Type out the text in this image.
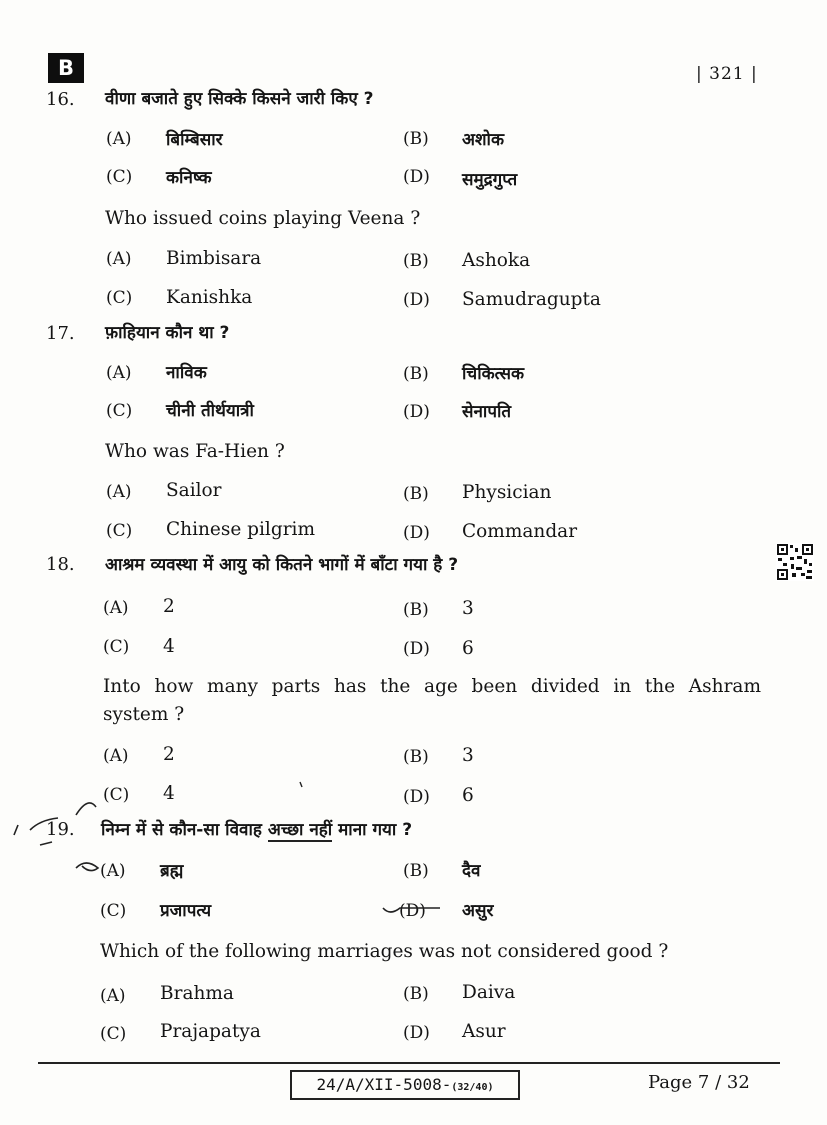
B	| 321 |
16. वीणा बजाते हुए सिक्के किसने जारी किए ?
(A) बिम्बिसार	(B) अशोक
(C) कनिष्क	(D) समुद्रगुप्त
Who issued coins playing Veena ?
(A) Bimbisara	(B) Ashoka
(C) Kanishka	(D) Samudragupta
17. फ़ाहियान कौन था ?
(A) नाविक	(B) चिकित्सक
(C) चीनी तीर्थयात्री	(D) सेनापति
Who was Fa-Hien ?
(A) Sailor	(B) Physician
(C) Chinese pilgrim	(D) Commandar
18. आश्रम व्यवस्था में आयु को कितने भागों में बाँटा गया है ?
(A) 2	(B) 3
(C) 4	(D) 6
Into how many parts has the age been divided in the Ashram
system ?
(A) 2	(B) 3
(C) 4	(D) 6
19. निम्न में से कौन-सा विवाह अच्छा नहीं माना गया ?
(A) ब्रह्म	(B) दैव
(C) प्रजापत्य	(D) असुर
Which of the following marriages was not considered good ?
(A) Brahma	(B) Daiva
(C) Prajapatya	(D) Asur
24/A/XII-5008-(32/40)	Page 7 / 32
